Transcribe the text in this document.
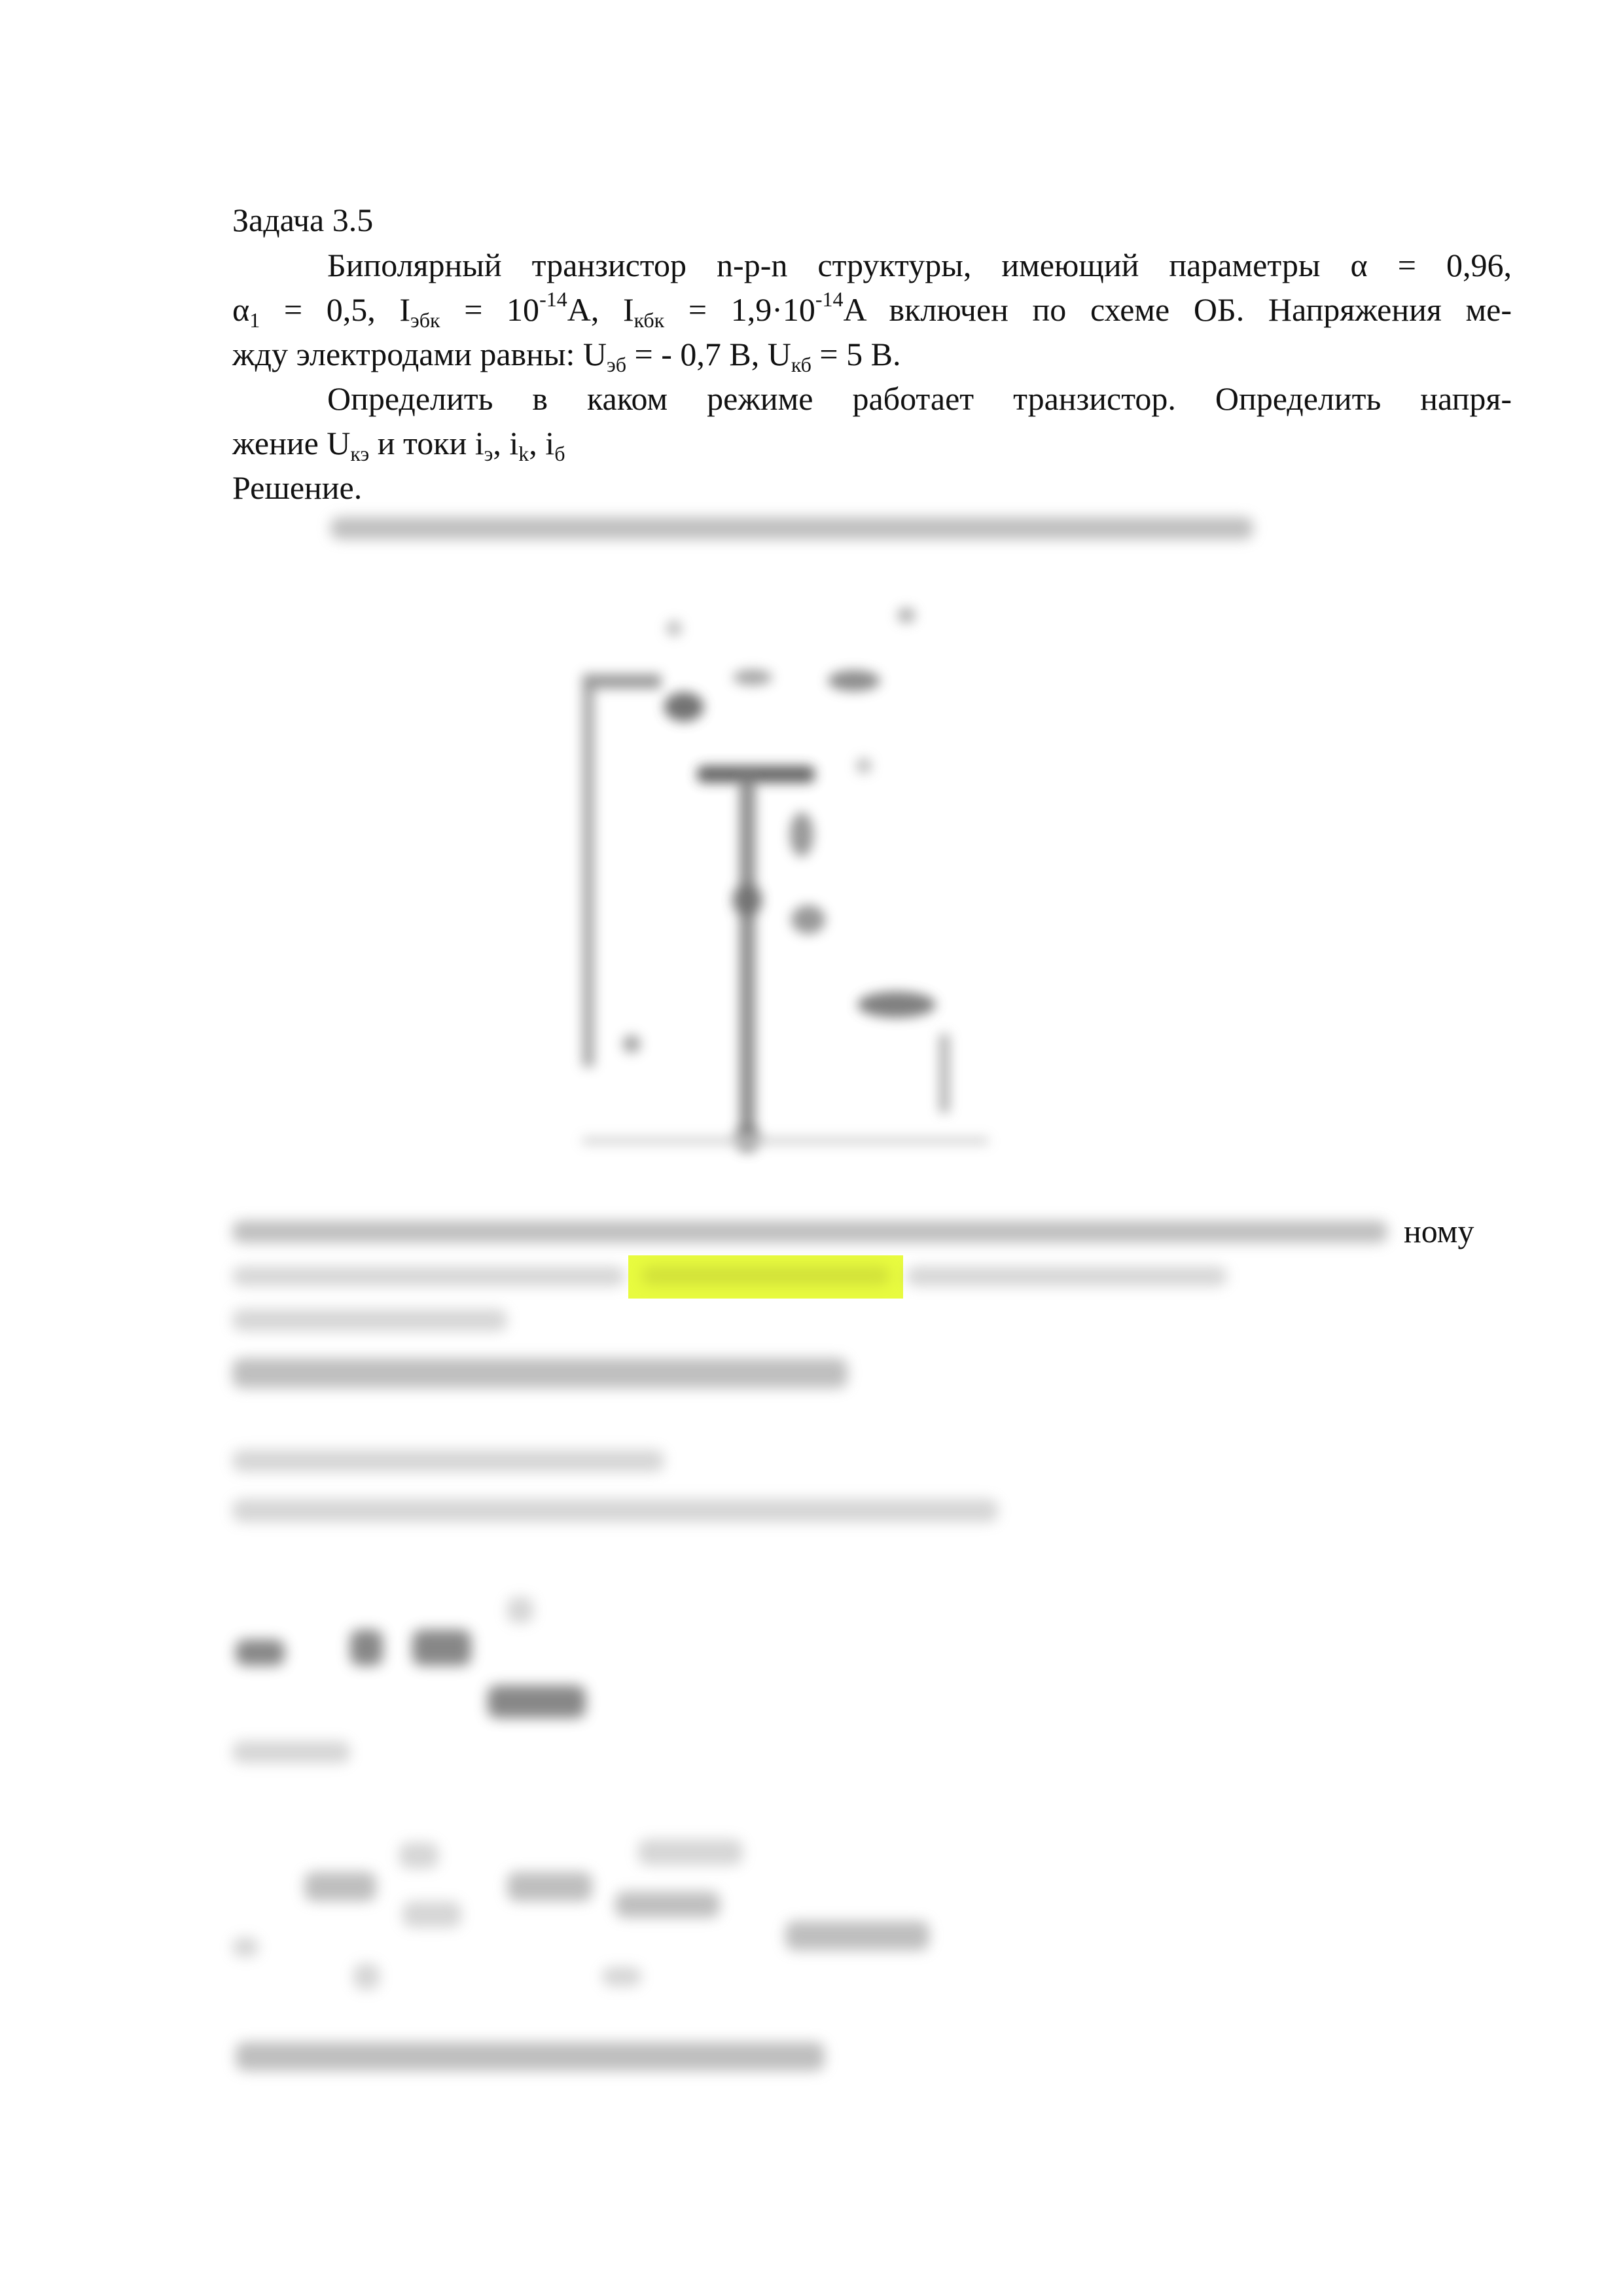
Задача 3.5
Биполярный транзистор n-p-n структуры, имеющий параметры α = 0,96,
$\alpha_1 = 0,5$, $I_{эбк} = 10^{-14}A$, $I_{кбк} = 1,9\cdot 10^{-14}A$ включен по схеме ОБ. Напряжения ме-
жду электродами равны: $U_{эб}$ = - 0,7 В, $U_{кб} = 5$ В.
Определить в каком режиме работает транзистор. Определить напря-
жение $U_{кэ}$ и токи $i_э$, $i_k$, $i_б$
Решение.
ному
